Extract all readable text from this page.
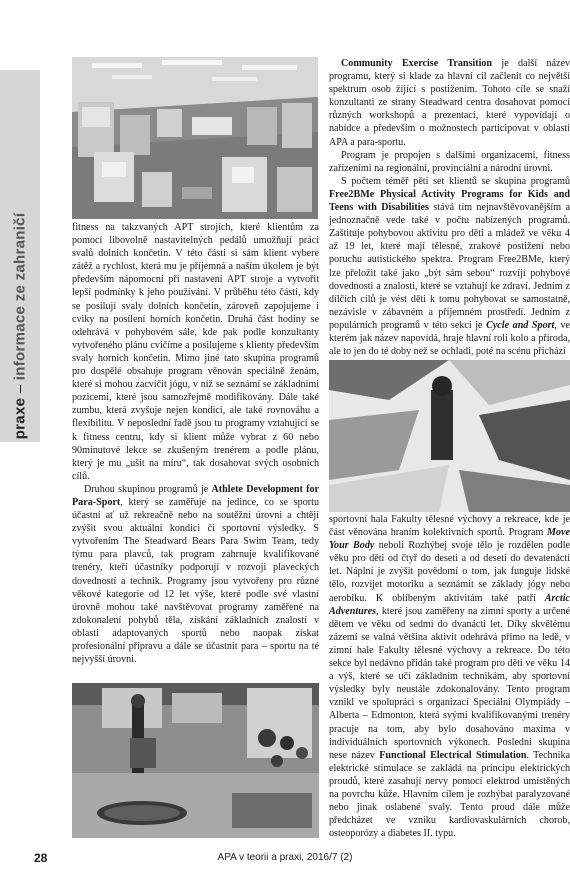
praxe – informace ze zahraničí	fitness na takzvaných APT strojích, které klientům za pomocí libovolně nastavitelných pedálů umožňují práci svalů dolních končetin. V této části si sám klient vybere zátěž a rychlost, která mu je příjemná a naším úkolem je být především nápomocní při nastavení APT stroje a vytvořit lepší podmínky k jeho používání. V průběhu této části, kdy se posilují svaly dolních končetin, zároveň zapojujeme i cviky na posílení horních končetin. Druhá část hodiny se odehrává v pohybovém sále, kde pak podle konzultanty vytvořeného plánu cvičíme a posilujeme s klienty především svaly horních končetin. Mimo jiné tato skupina programů pro dospělé obsahuje program věnován speciálně ženám, které si mohou zacvičit jógu, v níž se seznámí se základními pozicemi, které jsou samozřejmě modifikovány. Dále také zumbu, která zvyšuje nejen kondici, ale také rovnováhu a flexibilitu. V neposlední řadě jsou tu programy vztahující se k fitness centru, kdy si klient může vybrat z 60 nebo 90minutové lekce se zkušeným trenérem a podle plánu, který je mu „ušit na míru“, tak dosahovat svých osobních cílů.

Druhou skupinou programů je Athlete Development for Para-Sport, který se zaměřuje na jedince, co se sportu účastní ať už rekreačně nebo na soutěžní úrovni a chtějí zvýšit svou aktuální kondici či sportovní výsledky. S vytvořením The Steadward Bears Para Swim Team, tedy týmu para plavců, tak program zahrnuje kvalifikované trenéry, kteří účastníky podporují v rozvoji plaveckých dovedností a technik. Programy jsou vytvořeny pro různé věkové kategorie od 12 let výše, které podle své vlastní úrovně mohou také navštěvovat programy zaměřené na zdokonalení pohybů těla, získání základních znalostí v oblasti adaptovaných sportů nebo naopak získat profesionální přípravu a dále se účastnit para – sportu na té nejvyšší úrovni.

Community Exercise Transition je další název programu, který si klade za hlavní cíl začlenit co největší spektrum osob žijící s postižením. Tohoto cíle se snaží konzultanti ze strany Steadward centra dosahovat pomocí různých workshopů a prezentací, které vypovídají o nabídce a především o možnostech participovat v oblasti APA a para-sportu.

Program je propojen s dalšími organizacemi, fitness zařízeními na regionální, provinciální a národní úrovni.

S počtem téměř pěti set klientů se skupina programů Free2BMe Physical Activity Programs for Kids and Teens with Disabilities stává tím nejnavštěvovanějším a jednoznačně vede také v počtu nabízených programů. Zaštituje pohybovou aktivitu pro děti a mládež ve věku 4 až 19 let, které mají tělesné, zrakové postižení nebo poruchu autistického spektra. Program Free2BMe, který lze přeložit také jako „být sám sebou“ rozvíjí pohybové dovednosti a znalosti, které se vztahují ke zdraví. Jedním z dílčích cílů je vést děti k tomu pohybovat se samostatně, nezávisle v zábavném a příjemném prostředí. Jedním z populárních programů v této sekci je Cycle and Sport, ve kterém jak název napovídá, hraje hlavní roli kolo a příroda, ale to jen do té doby než se ochladí, poté na scénu přichází

sportovní hala Fakulty tělesné výchovy a rekreace, kde je část věnována hraním kolektivních sportů. Program Move Your Body neboli Rozhýbej svoje tělo je rozdělen podle věku pro děti od čtyř do deseti a od deseti do devatenácti let. Náplní je zvýšit povědomí o tom, jak funguje lidské tělo, rozvíjet motoriku a seznámit se základy jógy nebo aerobiku. K oblíbeným aktivitám také patří Arctic Adventures, které jsou zaměřeny na zimní sporty a určené dětem ve věku od sedmi do dvanácti let. Díky skvělému zázemí se valná většina aktivit odehrává přímo na ledě, v zimní hale Fakulty tělesné výchovy a rekreace. Do této sekce byl nedávno přidán také program pro děti ve věku 14 a výš, které se učí základním technikám, aby sportovní výsledky byly neustále zdokonalovány. Tento program vznikl ve spolupráci s organizací Speciální Olympiády – Alberta – Edmonton, která svými kvalifikovanými trenéry pracuje na tom, aby bylo dosahováno maxima v individuálních sportovních výkonech. Poslední skupina nese název Functional Electrical Stimulation. Technika elektrické stimulace se zakládá na principu elektrických proudů, které zasahují nervy pomocí elektrod umístěných na povrchu kůže. Hlavním cílem je rozhýbat paralyzované nebo jinak oslabené svaly. Tento proud dále může předcházet ve vzniku kardiovaskulárních chorob, osteoporózy a diabetes II. typu.

28	APA v teorii a praxi, 2016/7 (2)
